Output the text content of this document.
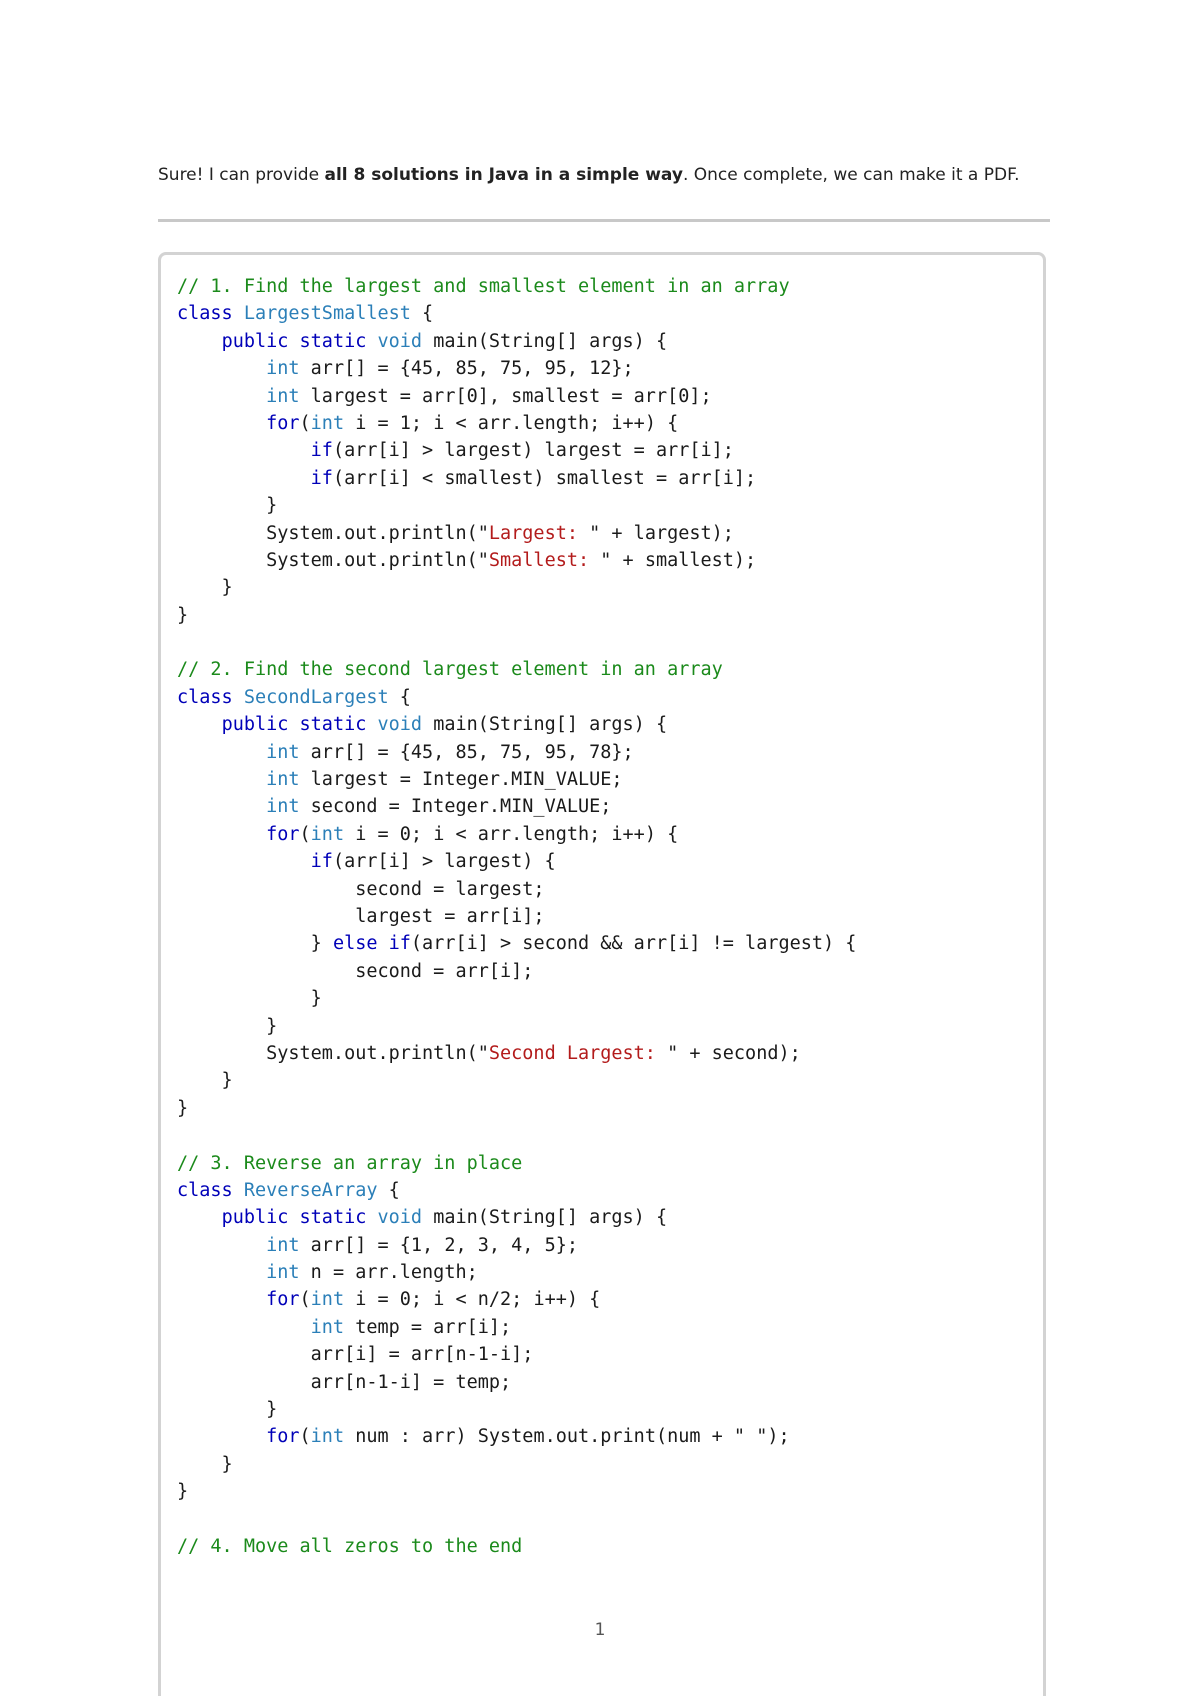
Sure! I can provide all 8 solutions in Java in a simple way. Once complete, we can make it a PDF.
// 1. Find the largest and smallest element in an array
class LargestSmallest {
public static void main(String[] args) {
int arr[] = {45, 85, 75, 95, 12};
int largest = arr[0], smallest = arr[0];
for(int i = 1; i < arr.length; i++) {
if(arr[i] > largest) largest = arr[i];
if(arr[i] < smallest) smallest = arr[i];
}
System.out.println("Largest: " + largest);
System.out.println("Smallest: " + smallest);
}
}
// 2. Find the second largest element in an array
class SecondLargest {
public static void main(String[] args) {
int arr[] = {45, 85, 75, 95, 78};
int largest = Integer.MIN_VALUE;
int second = Integer.MIN_VALUE;
for(int i = 0; i < arr.length; i++) {
if(arr[i] > largest) {
second = largest;
largest = arr[i];
} else if(arr[i] > second && arr[i] != largest) {
second = arr[i];
}
}
System.out.println("Second Largest: " + second);
}
}
// 3. Reverse an array in place
class ReverseArray {
public static void main(String[] args) {
int arr[] = {1, 2, 3, 4, 5};
int n = arr.length;
for(int i = 0; i < n/2; i++) {
int temp = arr[i];
arr[i] = arr[n-1-i];
arr[n-1-i] = temp;
}
for(int num : arr) System.out.print(num + " ");
}
}
// 4. Move all zeros to the end
1
